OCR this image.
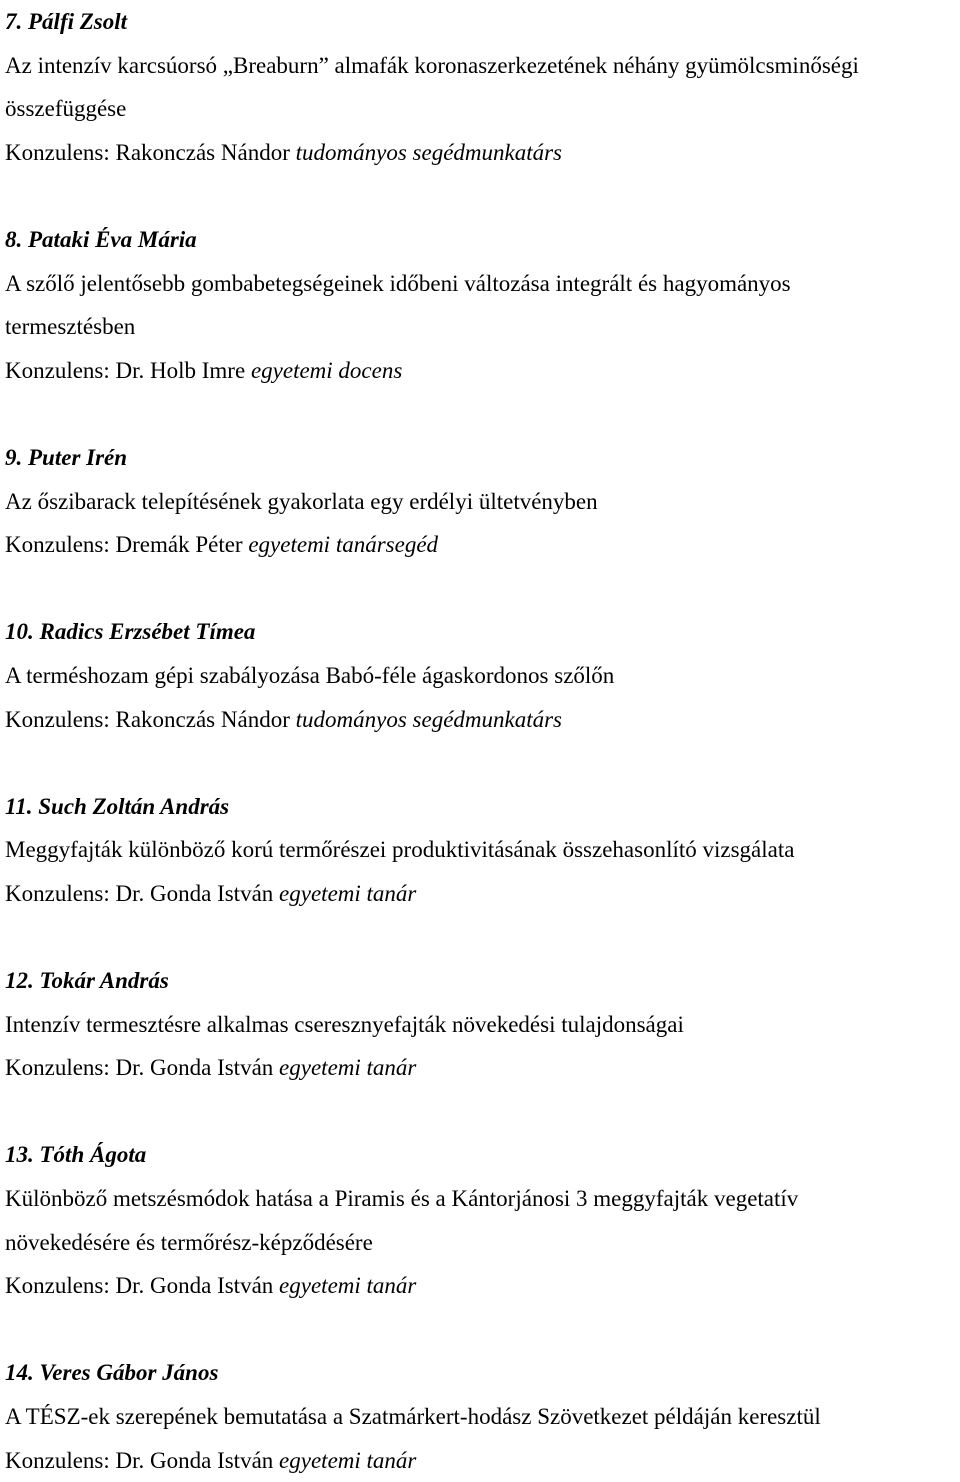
7. Pálfi Zsolt
Az intenzív karcsúorsó „Breaburn” almafák koronaszerkezetének néhány gyümölcsminőségi
összefüggése
Konzulens: Rakonczás Nándor tudományos segédmunkatárs
8. Pataki Éva Mária
A szőlő jelentősebb gombabetegségeinek időbeni változása integrált és hagyományos
termesztésben
Konzulens: Dr. Holb Imre egyetemi docens
9. Puter Irén
Az őszibarack telepítésének gyakorlata egy erdélyi ültetvényben
Konzulens: Dremák Péter egyetemi tanársegéd
10. Radics Erzsébet Tímea
A terméshozam gépi szabályozása Babó-féle ágaskordonos szőlőn
Konzulens: Rakonczás Nándor tudományos segédmunkatárs
11. Such Zoltán András
Meggyfajták különböző korú termőrészei produktivitásának összehasonlító vizsgálata
Konzulens: Dr. Gonda István egyetemi tanár
12. Tokár András
Intenzív termesztésre alkalmas cseresznyefajták növekedési tulajdonságai
Konzulens: Dr. Gonda István egyetemi tanár
13. Tóth Ágota
Különböző metszésmódok hatása a Piramis és a Kántorjánosi 3 meggyfajták vegetatív
növekedésére és termőrész-képződésére
Konzulens: Dr. Gonda István egyetemi tanár
14. Veres Gábor János
A TÉSZ-ek szerepének bemutatása a Szatmárkert-hodász Szövetkezet példáján keresztül
Konzulens: Dr. Gonda István egyetemi tanár
